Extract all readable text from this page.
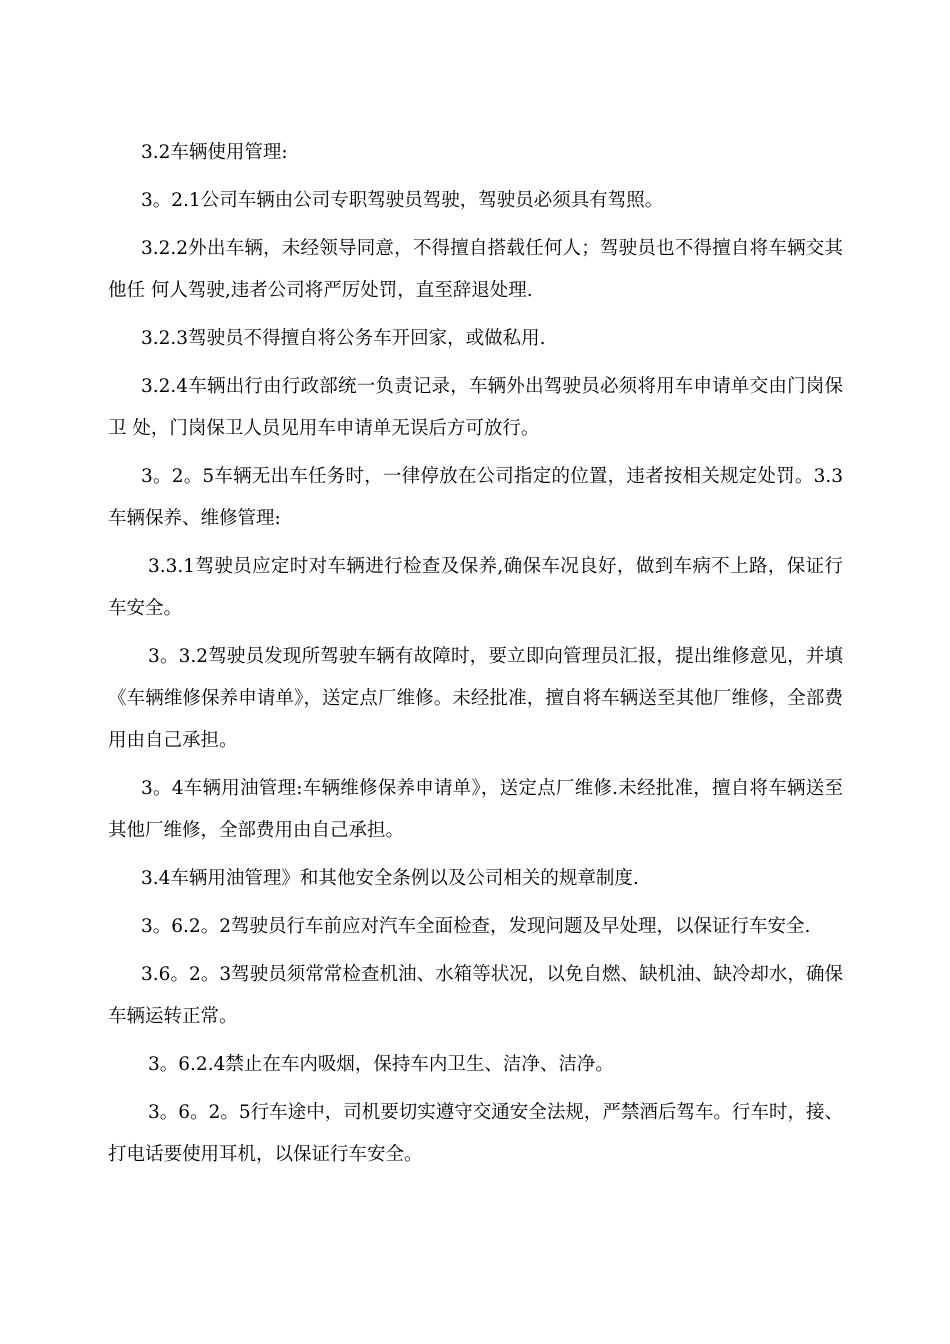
3.2车辆使用管理:

3。2.1公司车辆由公司专职驾驶员驾驶，驾驶员必须具有驾照。

3.2.2外出车辆，未经领导同意，不得擅自搭载任何人；驾驶员也不得擅自将车辆交其他任 何人驾驶,违者公司将严厉处罚，直至辞退处理.

3.2.3驾驶员不得擅自将公务车开回家，或做私用.

3.2.4车辆出行由行政部统一负责记录，车辆外出驾驶员必须将用车申请单交由门岗保卫 处，门岗保卫人员见用车申请单无误后方可放行。

3。2。5车辆无出车任务时，一律停放在公司指定的位置，违者按相关规定处罚。3.3车辆保养、维修管理:

3.3.1驾驶员应定时对车辆进行检查及保养,确保车况良好，做到车病不上路，保证行车安全。

3。3.2驾驶员发现所驾驶车辆有故障时，要立即向管理员汇报，提出维修意见，并填《车辆维修保养申请单》，送定点厂维修。未经批准，擅自将车辆送至其他厂维修，全部费用由自己承担。

3。4车辆用油管理:车辆维修保养申请单》，送定点厂维修.未经批准，擅自将车辆送至其他厂维修，全部费用由自己承担。

3.4车辆用油管理》和其他安全条例以及公司相关的规章制度.

3。6.2。2驾驶员行车前应对汽车全面检查，发现问题及早处理，以保证行车安全.

3.6。2。3驾驶员须常常检查机油、水箱等状况，以免自燃、缺机油、缺冷却水，确保车辆运转正常。

3。6.2.4禁止在车内吸烟，保持车内卫生、洁净、洁净。

3。6。2。5行车途中，司机要切实遵守交通安全法规，严禁酒后驾车。行车时，接、打电话要使用耳机，以保证行车安全。
